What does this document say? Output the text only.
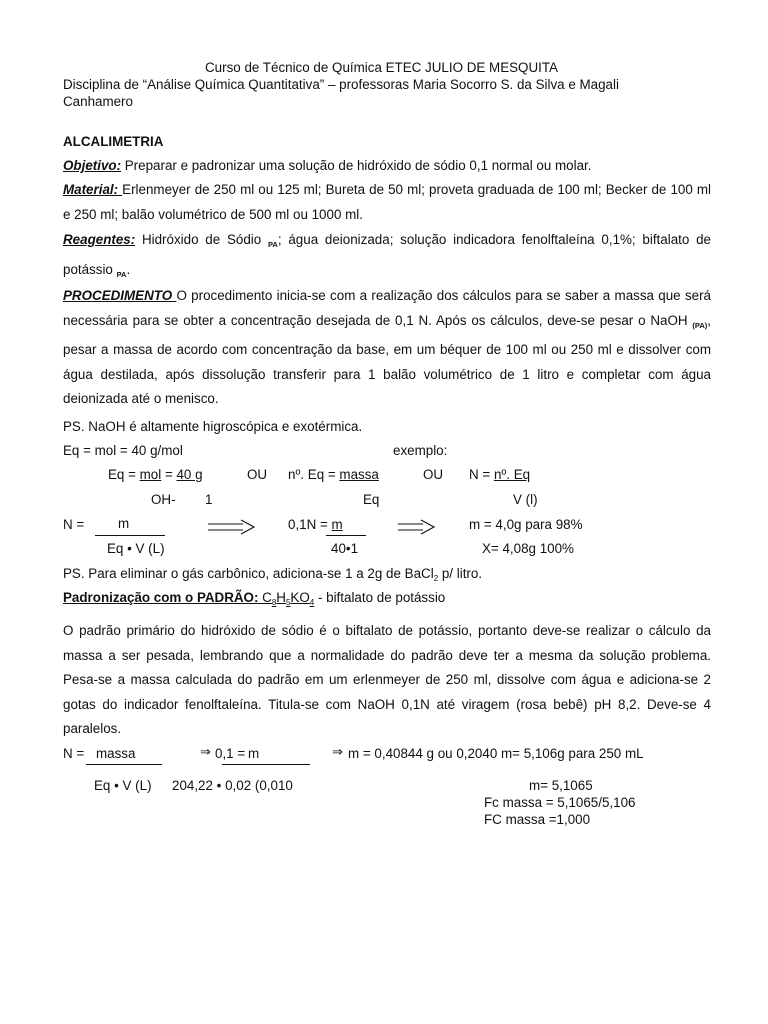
Curso de Técnico de Química ETEC JULIO DE MESQUITA
Disciplina de “Análise Química Quantitativa” – professoras Maria Socorro S. da Silva e Magali
Canhamero
ALCALIMETRIA
Objetivo: Preparar e padronizar uma solução de hidróxido de sódio 0,1 normal ou molar.
Material: Erlenmeyer de 250 ml ou 125 ml; Bureta de 50 ml; proveta graduada de 100 ml; Becker de 100 ml e 250 ml; balão volumétrico de 500 ml ou 1000 ml.
Reagentes: Hidróxido de Sódio $_{PA}$; água deionizada; solução indicadora fenolftaleína 0,1%; biftalato de potássio $_{PA}$.
PROCEDIMENTO O procedimento inicia-se com a realização dos cálculos para se saber a massa que será necessária para se obter a concentração desejada de 0,1 N. Após os cálculos, deve-se pesar o NaOH $_{(PA)}$, pesar a massa de acordo com concentração da base, em um béquer de 100 ml ou 250 ml e dissolver com água destilada, após dissolução transferir para 1 balão volumétrico de 1 litro e completar com água deionizada até o menisco.
PS. NaOH é altamente higroscópica e exotérmica.
Eq = mol = 40 g/mol	exemplo:
Eq = mol = 40 g	OU nº. Eq = massa	OU N = nº. Eq
OH- 1	Eq	V (l)
N =	m	0,1N = m	m = 4,0g para 98%
Eq • V (L)	40•1	X= 4,08g 100%
PS. Para eliminar o gás carbônico, adiciona-se 1 a 2g de BaCl$_2$ p/ litro.
Padronização com o PADRÃO: $C_8H_5KO_4$ - biftalato de potássio
O padrão primário do hidróxido de sódio é o biftalato de potássio, portanto deve-se realizar o cálculo da massa a ser pesada, lembrando que a normalidade do padrão deve ter a mesma da solução problema. Pesa-se a massa calculada do padrão em um erlenmeyer de 250 ml, dissolve com água e adiciona-se 2 gotas do indicador fenolftaleína. Titula-se com NaOH 0,1N até viragem (rosa bebê) pH 8,2. Deve-se 4 paralelos.
N = massa	⇒ 0,1 = m	⇒ m = 0,40844 g ou 0,2040 m= 5,106g para 250 mL
Eq • V (L) 204,22 • 0,02 (0,010	m= 5,1065
Fc massa = 5,1065/5,106
FC massa =1,000
